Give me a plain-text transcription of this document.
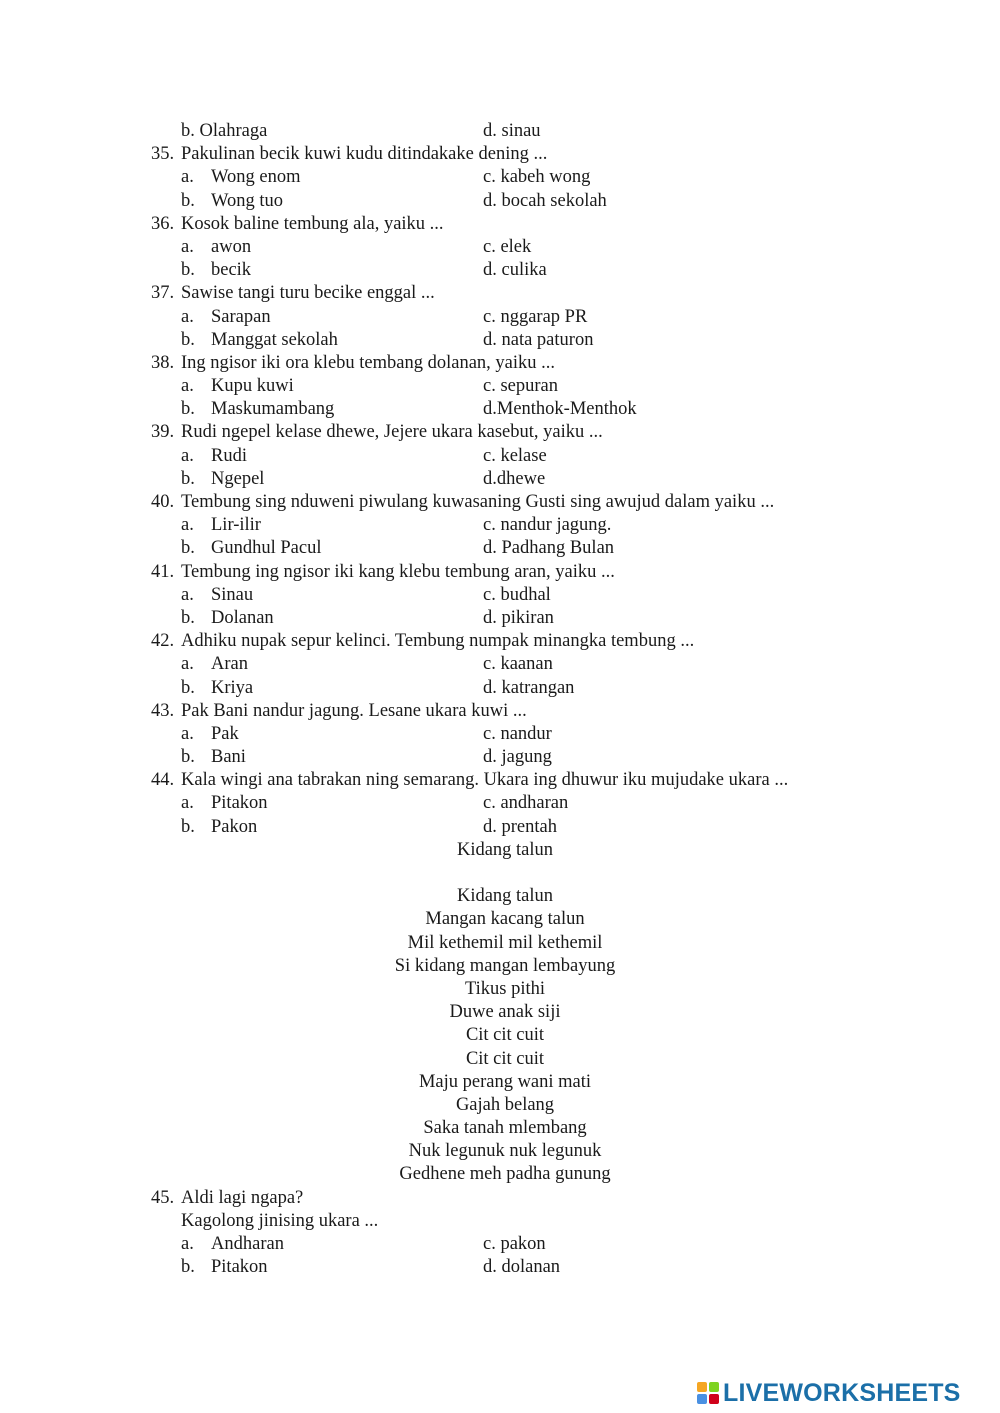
b. Olahraga	d. sinau
35. Pakulinan becik kuwi kudu ditindakake dening ...
a. Wong enom	c. kabeh wong
b. Wong tuo	d. bocah sekolah
36. Kosok baline tembung ala, yaiku ...
a. awon	c. elek
b. becik	d. culika
37. Sawise tangi turu becike enggal ...
a. Sarapan	c. nggarap PR
b. Manggat sekolah	d. nata paturon
38. Ing ngisor iki ora klebu tembang dolanan, yaiku ...
a. Kupu kuwi	c. sepuran
b. Maskumambang	d.Menthok-Menthok
39. Rudi ngepel kelase dhewe, Jejere ukara kasebut, yaiku ...
a. Rudi	c. kelase
b. Ngepel	d.dhewe
40. Tembung sing nduweni piwulang kuwasaning Gusti sing awujud dalam yaiku ...
a. Lir-ilir	c. nandur jagung.
b. Gundhul Pacul	d. Padhang Bulan
41. Tembung ing ngisor iki kang klebu tembung aran, yaiku ...
a. Sinau	c. budhal
b. Dolanan	d. pikiran
42. Adhiku nupak sepur kelinci. Tembung numpak minangka tembung ...
a. Aran	c. kaanan
b. Kriya	d. katrangan
43. Pak Bani nandur jagung. Lesane ukara kuwi ...
a. Pak	c. nandur
b. Bani	d. jagung
44. Kala wingi ana tabrakan ning semarang. Ukara ing dhuwur iku mujudake ukara ...
a. Pitakon	c. andharan
b. Pakon	d. prentah
Kidang talun
Kidang talun
Mangan kacang talun
Mil kethemil mil kethemil
Si kidang mangan lembayung
Tikus pithi
Duwe anak siji
Cit cit cuit
Cit cit cuit
Maju perang wani mati
Gajah belang
Saka tanah mlembang
Nuk legunuk nuk legunuk
Gedhene meh padha gunung
45. Aldi lagi ngapa?
Kagolong jinising ukara ...
a. Andharan	c. pakon
b. Pitakon	d. dolanan
LIVEWORKSHEETS
